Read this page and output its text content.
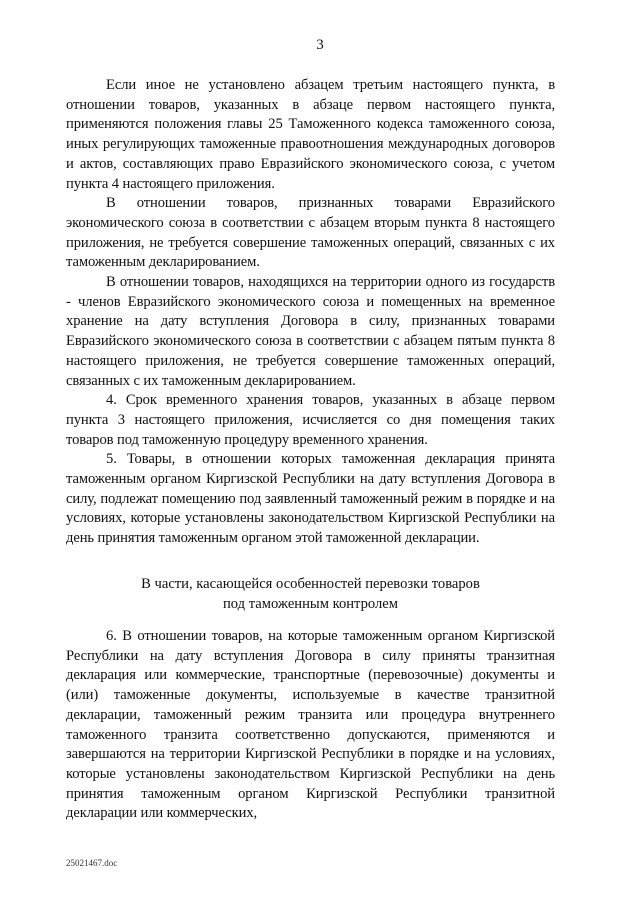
3

Если иное не установлено абзацем третьим настоящего пункта, в отношении товаров, указанных в абзаце первом настоящего пункта, применяются положения главы 25 Таможенного кодекса таможенного союза, иных регулирующих таможенные правоотношения международных договоров и актов, составляющих право Евразийского экономического союза, с учетом пункта 4 настоящего приложения.

В отношении товаров, признанных товарами Евразийского экономического союза в соответствии с абзацем вторым пункта 8 настоящего приложения, не требуется совершение таможенных операций, связанных с их таможенным декларированием.

В отношении товаров, находящихся на территории одного из государств - членов Евразийского экономического союза и помещенных на временное хранение на дату вступления Договора в силу, признанных товарами Евразийского экономического союза в соответствии с абзацем пятым пункта 8 настоящего приложения, не требуется совершение таможенных операций, связанных с их таможенным декларированием.

4. Срок временного хранения товаров, указанных в абзаце первом пункта 3 настоящего приложения, исчисляется со дня помещения таких товаров под таможенную процедуру временного хранения.

5. Товары, в отношении которых таможенная декларация принята таможенным органом Киргизской Республики на дату вступления Договора в силу, подлежат помещению под заявленный таможенный режим в порядке и на условиях, которые установлены законодательством Киргизской Республики на день принятия таможенным органом этой таможенной декларации.

В части, касающейся особенностей перевозки товаров
под таможенным контролем

6. В отношении товаров, на которые таможенным органом Киргизской Республики на дату вступления Договора в силу приняты транзитная декларация или коммерческие, транспортные (перевозочные) документы и (или) таможенные документы, используемые в качестве транзитной декларации, таможенный режим транзита или процедура внутреннего таможенного транзита соответственно допускаются, применяются и завершаются на территории Киргизской Республики в порядке и на условиях, которые установлены законодательством Киргизской Республики на день принятия таможенным органом Киргизской Республики транзитной декларации или коммерческих,

25021467.doc
